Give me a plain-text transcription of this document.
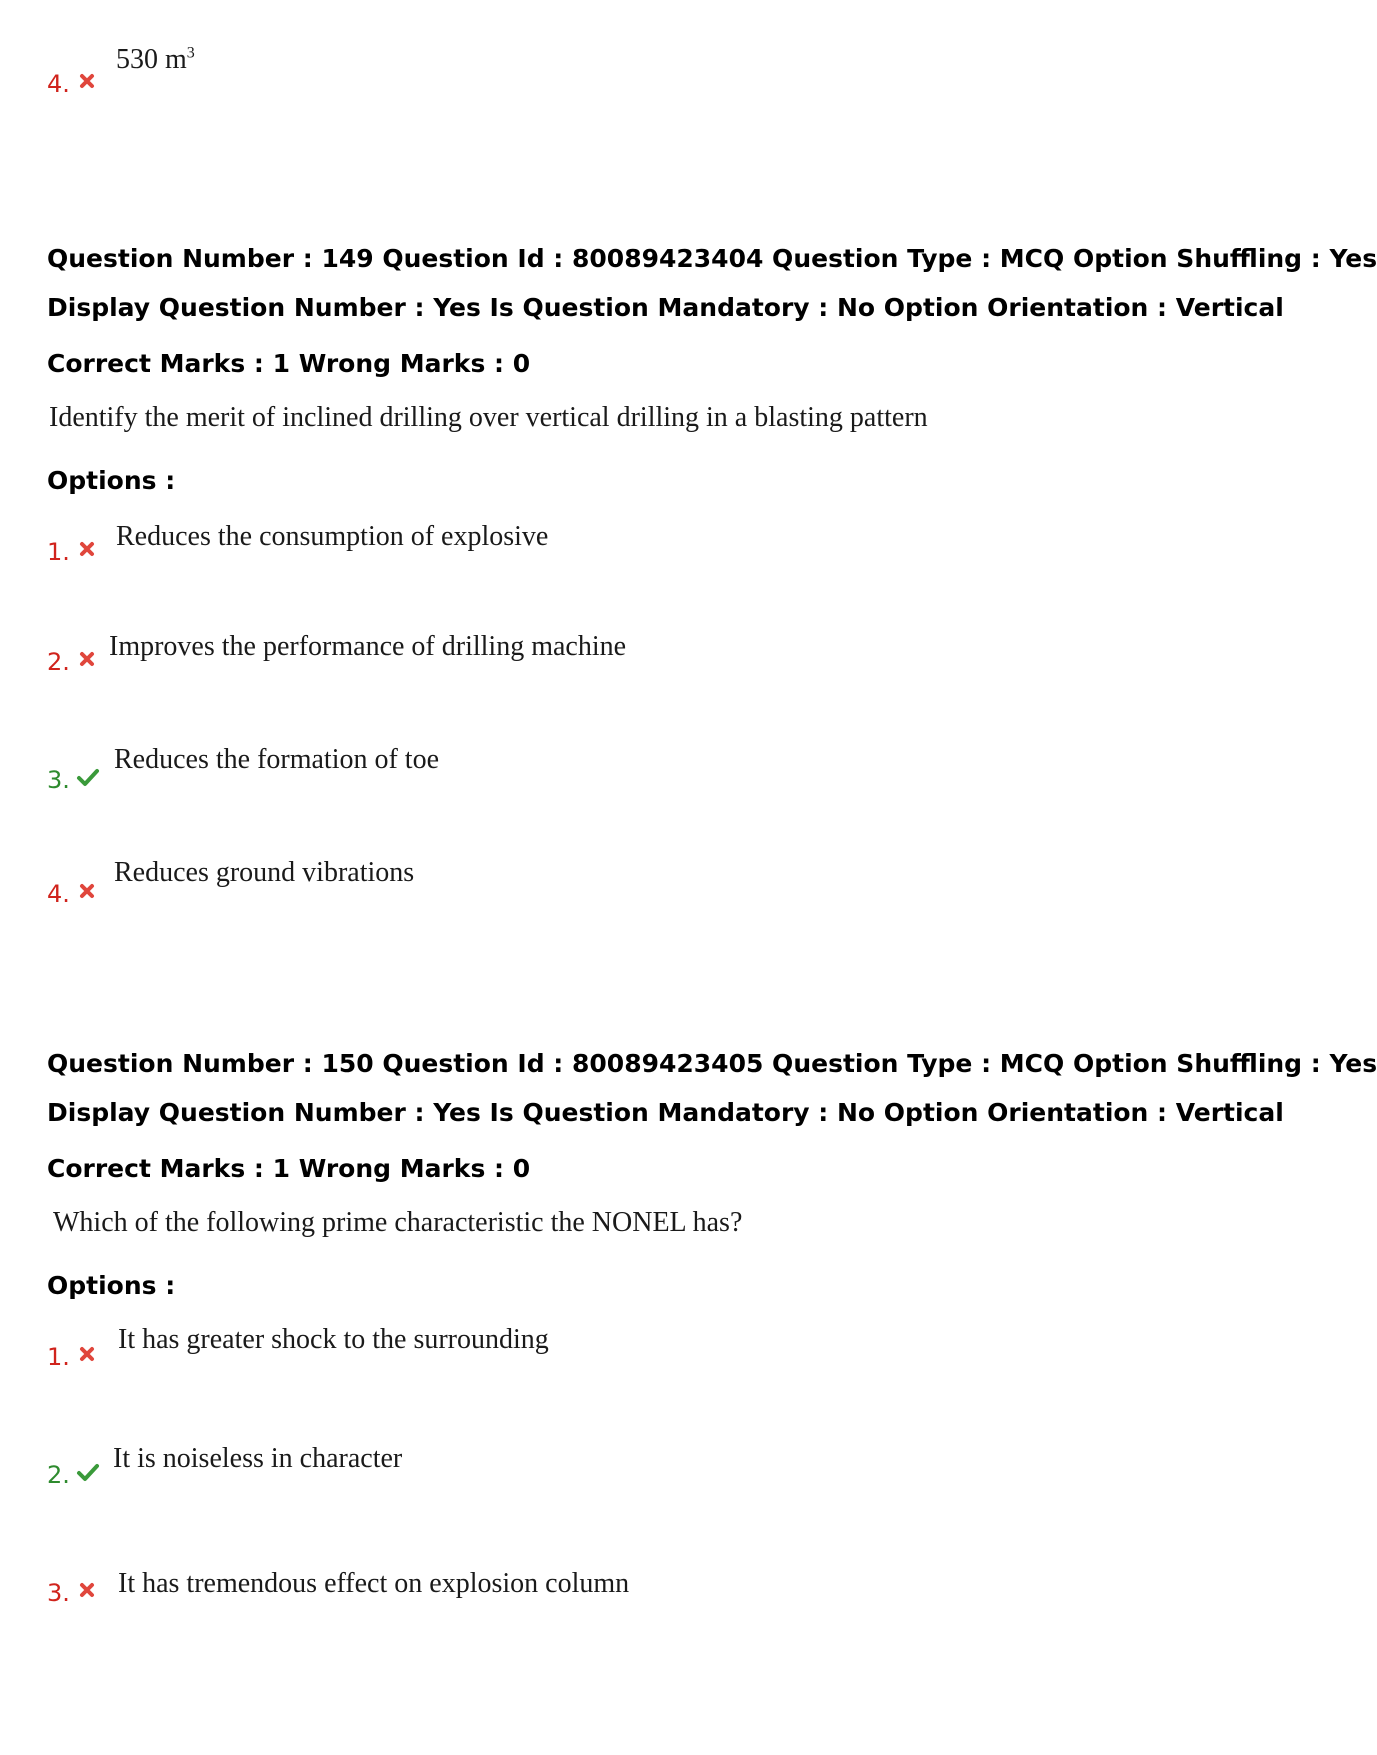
4.
530 $m^3$
Question Number : 149 Question Id : 80089423404 Question Type : MCQ Option Shuffling : Yes
Display Question Number : Yes Is Question Mandatory : No Option Orientation : Vertical
Correct Marks : 1 Wrong Marks : 0
Identify the merit of inclined drilling over vertical drilling in a blasting pattern
Options :
1. Reduces the consumption of explosive
2. Improves the performance of drilling machine
3.
Reduces the formation of toe
4.
Reduces ground vibrations
Question Number : 150 Question Id : 80089423405 Question Type : MCQ Option Shuffling : Yes
Display Question Number : Yes Is Question Mandatory : No Option Orientation : Vertical
Correct Marks : 1 Wrong Marks : 0
Which of the following prime characteristic the NONEL has?
Options :
1.
It has greater shock to the surrounding
2.
It is noiseless in character
3. It has tremendous effect on explosion column
